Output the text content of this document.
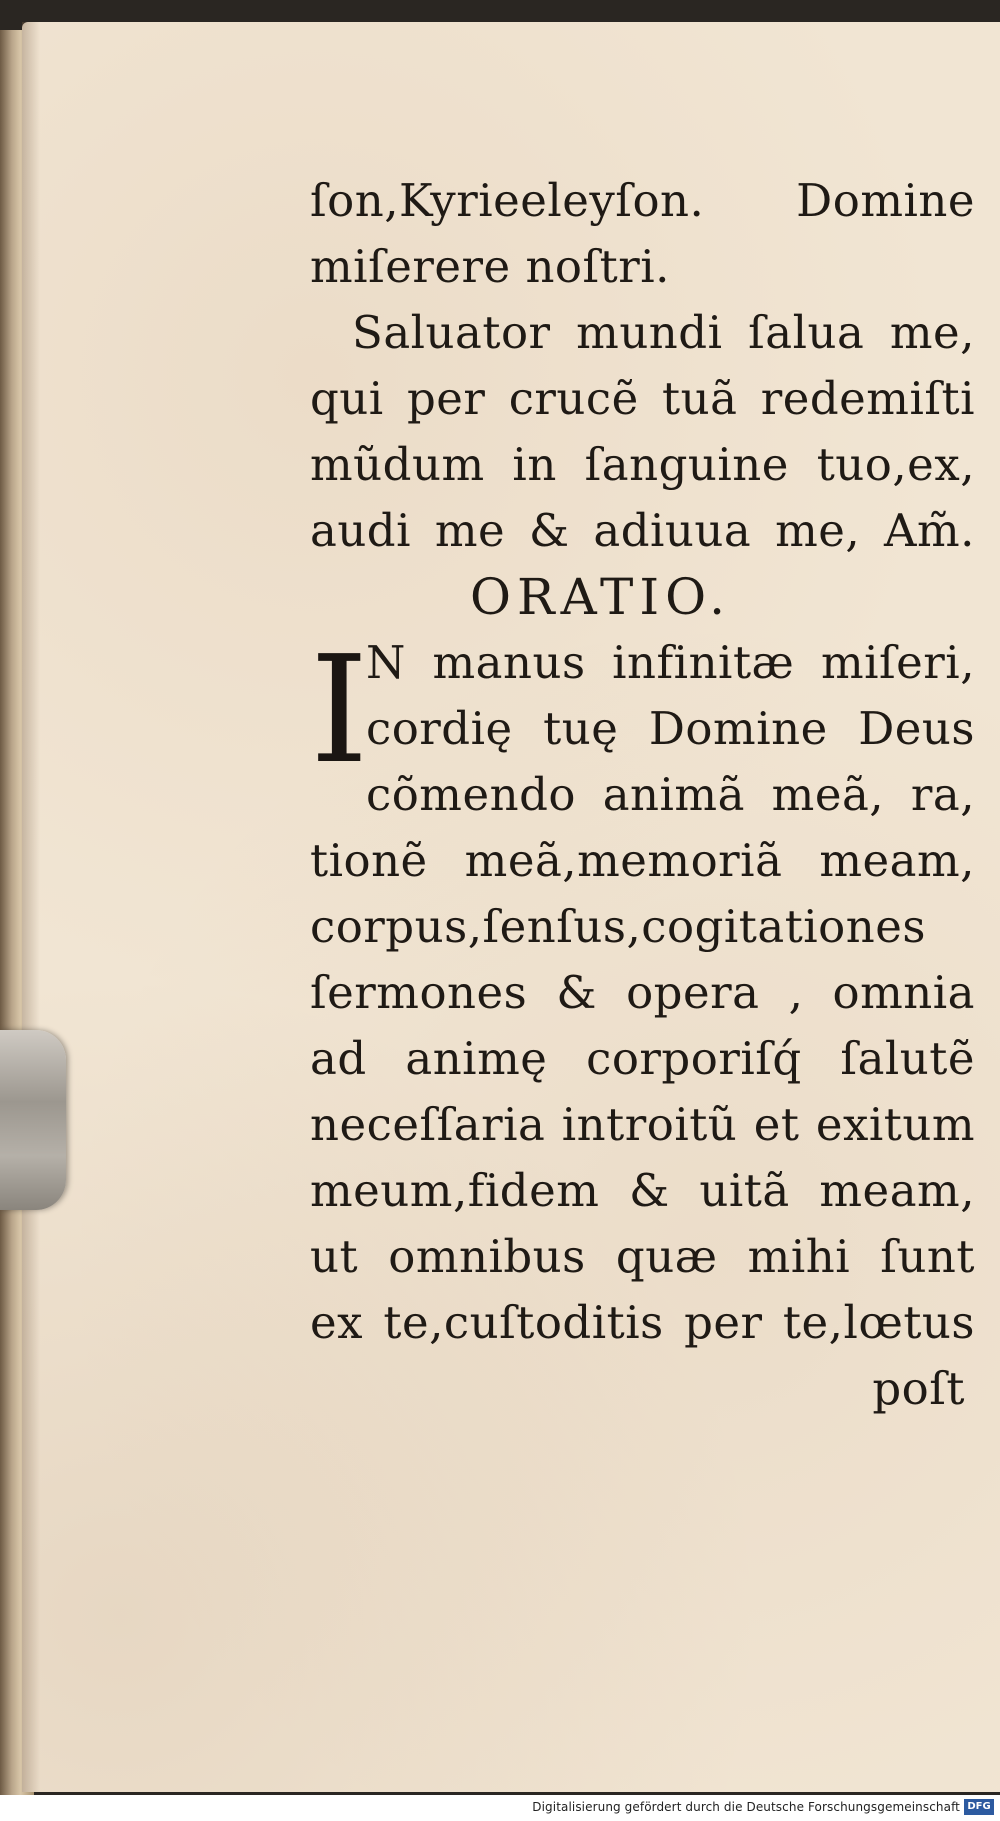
ſon,Kyrieeleyſon. Domine
miſerere noſtri.
Saluator mundi ſalua me,
qui per crucẽ tuã redemiſti
mũdum in ſanguine tuo,ex,
audi me & adiuua me, Am̃.
ORATIO.
I
N manus infinitæ miſeri,
cordię tuę Domine Deus
cõmendo animã meã, ra,
tionẽ meã,memoriã meam,
corpus,ſenſus,cogitationes
ſermones & opera , omnia
ad animę corporiſq́ ſalutẽ
neceſſaria introitũ et exitum
meum,fidem & uitã meam,
ut omnibus quæ mihi ſunt
ex te,cuſtoditis per te,lœtus
poſt
Digitalisierung gefördert durch die Deutsche Forschungsgemeinschaft DFG
